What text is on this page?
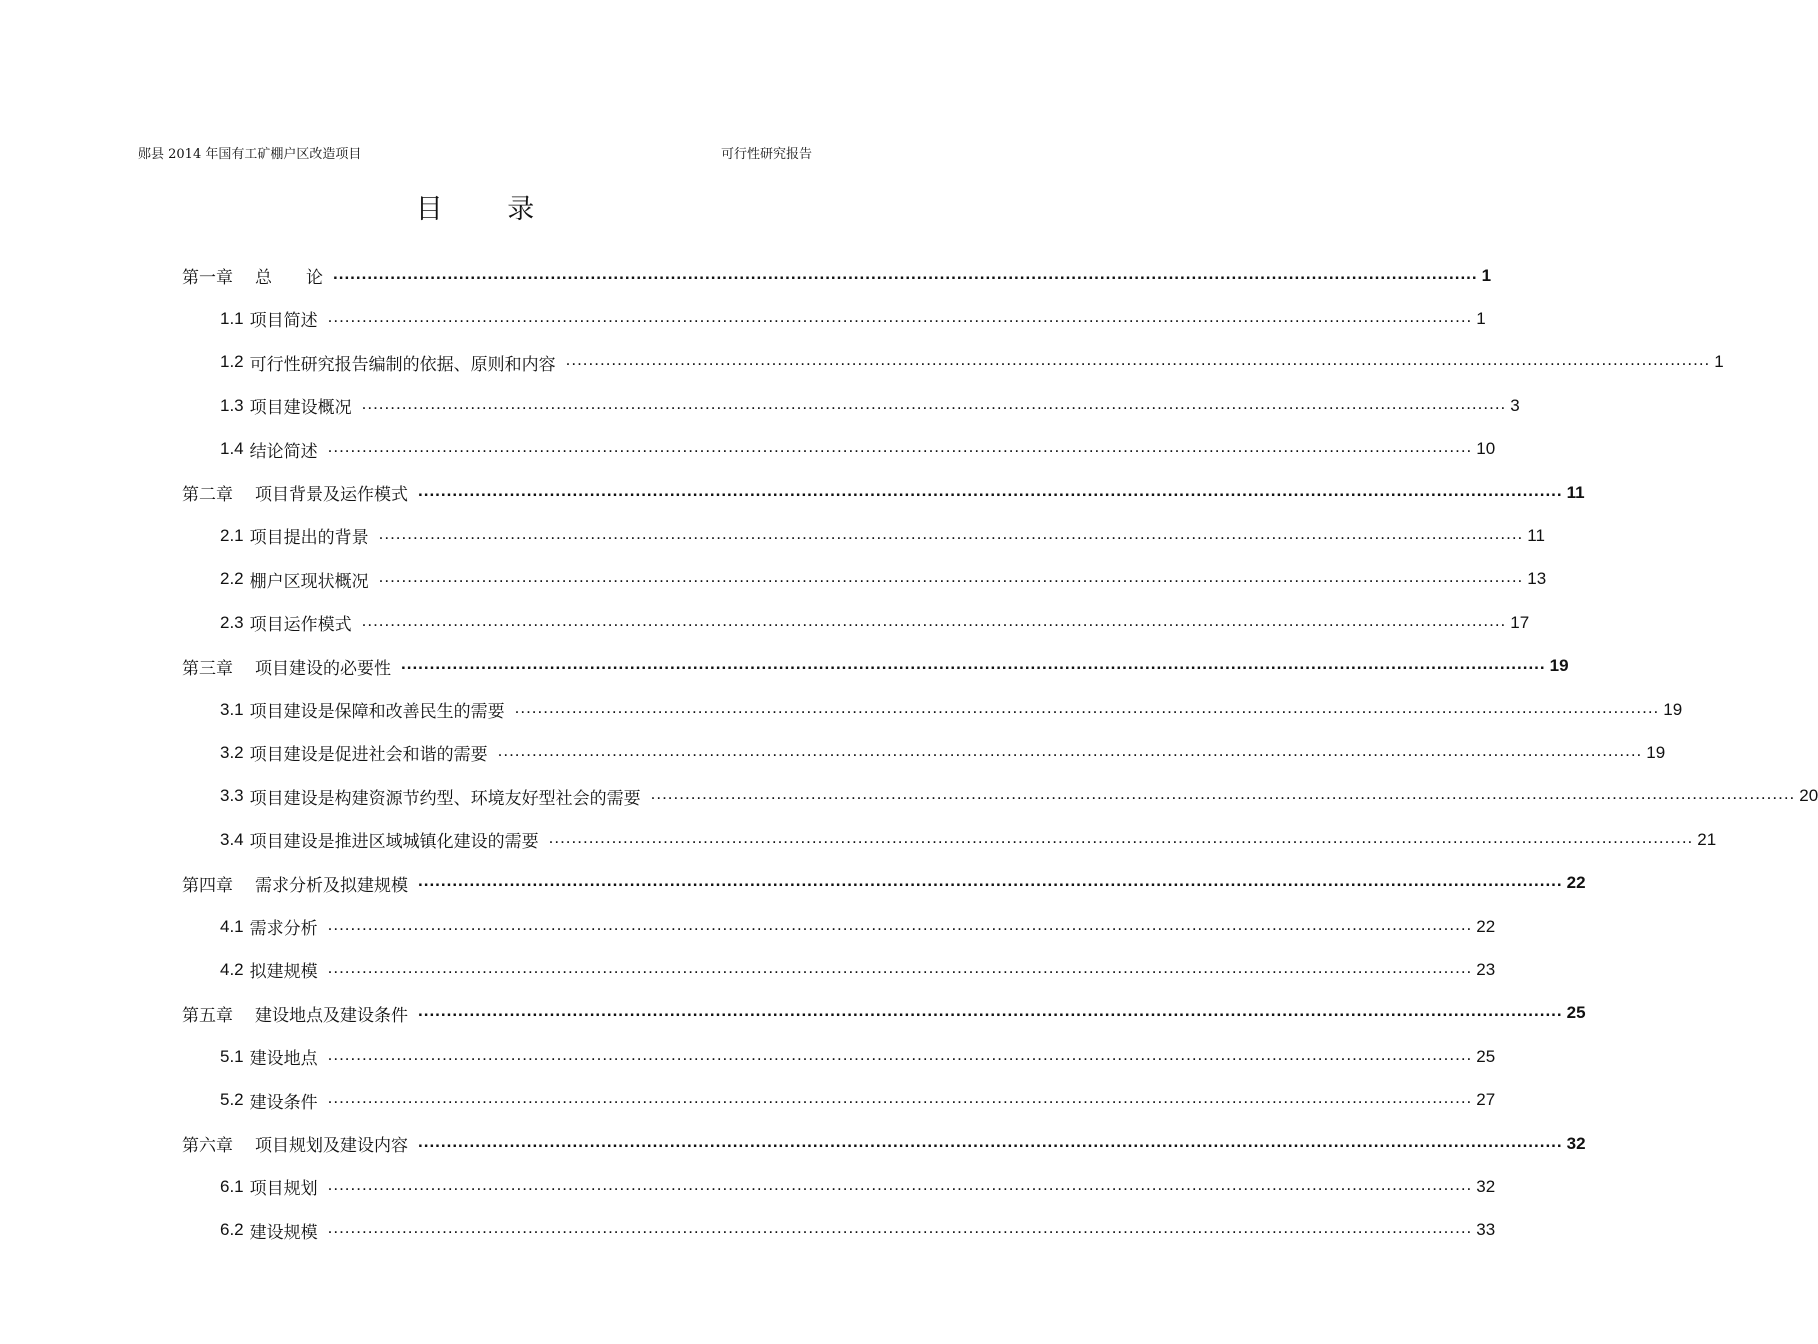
郧县 2014 年国有工矿棚户区改造项目	可行性研究报告
目 录
第一章 总　　论 ........................................................................................................................................................................................................ 1
1.1 项目简述 ........................................................................................................................................................................................................ 1
1.2 可行性研究报告编制的依据、原则和内容 ........................................................................................................................................................................................................ 1
1.3 项目建设概况 ........................................................................................................................................................................................................ 3
1.4 结论简述 ........................................................................................................................................................................................................ 10
第二章 项目背景及运作模式 ........................................................................................................................................................................................................ 11
2.1 项目提出的背景 ........................................................................................................................................................................................................ 11
2.2 棚户区现状概况 ........................................................................................................................................................................................................ 13
2.3 项目运作模式 ........................................................................................................................................................................................................ 17
第三章 项目建设的必要性 ........................................................................................................................................................................................................ 19
3.1 项目建设是保障和改善民生的需要 ........................................................................................................................................................................................................ 19
3.2 项目建设是促进社会和谐的需要 ........................................................................................................................................................................................................ 19
3.3 项目建设是构建资源节约型、环境友好型社会的需要 ........................................................................................................................................................................................................ 20
3.4 项目建设是推进区域城镇化建设的需要 ........................................................................................................................................................................................................ 21
第四章 需求分析及拟建规模 ........................................................................................................................................................................................................ 22
4.1 需求分析 ........................................................................................................................................................................................................ 22
4.2 拟建规模 ........................................................................................................................................................................................................ 23
第五章 建设地点及建设条件 ........................................................................................................................................................................................................ 25
5.1 建设地点 ........................................................................................................................................................................................................ 25
5.2 建设条件 ........................................................................................................................................................................................................ 27
第六章 项目规划及建设内容 ........................................................................................................................................................................................................ 32
6.1 项目规划 ........................................................................................................................................................................................................ 32
6.2 建设规模 ........................................................................................................................................................................................................ 33
